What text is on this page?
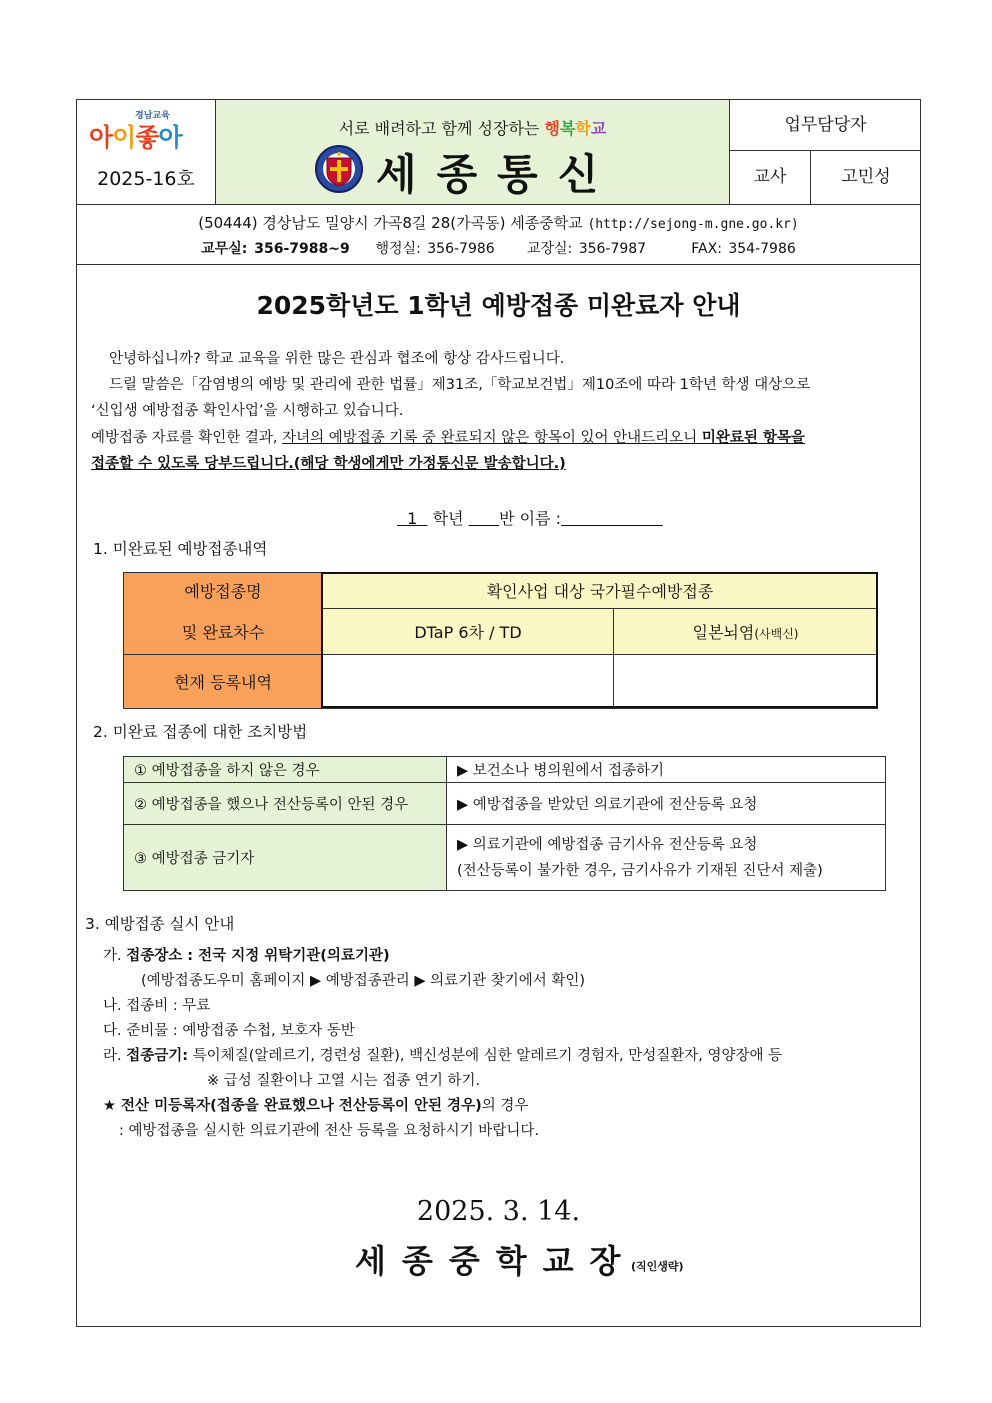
경남교육
아이좋아
2025-16호
서로 배려하고 함께 성장하는 행복학교
세종통신
업무담당자
교사	고민성
(50444) 경상남도 밀양시 가곡8길 28(가곡동) 세종중학교 (http://sejong-m.gne.go.kr)
교무실: 356-7988~9 행정실: 356-7986 교장실: 356-7987	FAX: 354-7986
2025학년도 1학년 예방접종 미완료자 안내
안녕하십니까? 학교 교육을 위한 많은 관심과 협조에 항상 감사드립니다.
드릴 말씀은「감염병의 예방 및 관리에 관한 법률」제31조,「학교보건법」제10조에 따라 1학년 학생 대상으로
‘신입생 예방접종 확인사업’을 시행하고 있습니다.
예방접종 자료를 확인한 결과, 자녀의 예방접종 기록 중 완료되지 않은 항목이 있어 안내드리오니 미완료된 항목을
접종할 수 있도록 당부드립니다.(해당 학생에게만 가정통신문 발송합니다.)
1   학년       반 이름 :
1. 미완료된 예방접종내역
예방접종명	확인사업 대상 국가필수예방접종	
및 완료차수	DTaP 6차 / TD	일본뇌염(사백신)
현재 등록내역		
2. 미완료 접종에 대한 조치방법
① 예방접종을 하지 않은 경우	▶ 보건소나 병의원에서 접종하기
② 예방접종을 했으나 전산등록이 안된 경우	▶ 예방접종을 받았던 의료기관에 전산등록 요청
③ 예방접종 금기자	▶ 의료기관에 예방접종 금기사유 전산등록 요청
(전산등록이 불가한 경우, 금기사유가 기재된 진단서 제출)
3. 예방접종 실시 안내
가. 접종장소 : 전국 지정 위탁기관(의료기관)
(예방접종도우미 홈페이지 ▶ 예방접종관리 ▶ 의료기관 찾기에서 확인)
나. 접종비 : 무료
다. 준비물 : 예방접종 수첩, 보호자 동반
라. 접종금기: 특이체질(알레르기, 경련성 질환), 백신성분에 심한 알레르기 경험자, 만성질환자, 영양장애 등
※ 급성 질환이나 고열 시는 접종 연기 하기.
★ 전산 미등록자(접종을 완료했으나 전산등록이 안된 경우)의 경우
: 예방접종을 실시한 의료기관에 전산 등록을 요청하시기 바랍니다.
2025. 3. 14.
세종중학교장
(직인생략)
